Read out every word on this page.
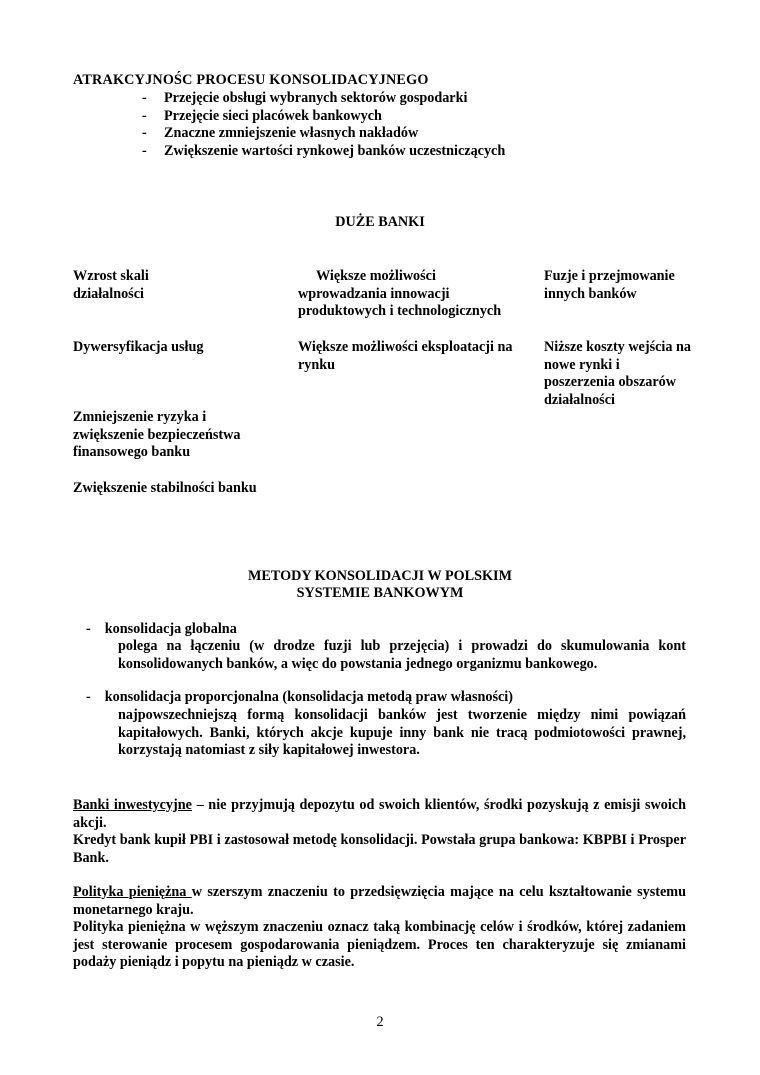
ATRAKCYJNOŚC PROCESU KONSOLIDACYJNEGO
- Przejęcie obsługi wybranych sektorów gospodarki
- Przejęcie sieci placówek bankowych
- Znaczne zmniejszenie własnych nakładów
- Zwiększenie wartości rynkowej banków uczestniczących
DUŻE BANKI
Wzrost skali działalności
Większe możliwości wprowadzania innowacji produktowych i technologicznych
Fuzje i przejmowanie innych banków
Dywersyfikacja usług	Większe możliwości eksploatacji na rynku
Niższe koszty wejścia na nowe rynki i poszerzenia obszarów działalności
Zmniejszenie ryzyka i zwiększenie bezpieczeństwa finansowego banku
Zwiększenie stabilności banku
METODY KONSOLIDACJI W POLSKIM
SYSTEMIE BANKOWYM
- konsolidacja globalna
polega na łączeniu (w drodze fuzji lub przejęcia) i prowadzi do skumulowania kont konsolidowanych banków, a więc do powstania jednego organizmu bankowego.
- konsolidacja proporcjonalna (konsolidacja metodą praw własności)
najpowszechniejszą formą konsolidacji banków jest tworzenie między nimi powiązań kapitałowych. Banki, których akcje kupuje inny bank nie tracą podmiotowości prawnej, korzystają natomiast z siły kapitałowej inwestora.
Banki inwestycyjne – nie przyjmują depozytu od swoich klientów, środki pozyskują z emisji swoich akcji.
Kredyt bank kupił PBI i zastosował metodę konsolidacji. Powstała grupa bankowa: KBPBI i Prosper Bank.
Polityka pieniężna w szerszym znaczeniu to przedsięwzięcia mające na celu kształtowanie systemu monetarnego kraju.
Polityka pieniężna w węższym znaczeniu oznacz taką kombinację celów i środków, której zadaniem jest sterowanie procesem gospodarowania pieniądzem. Proces ten charakteryzuje się zmianami podaży pieniądz i popytu na pieniądz w czasie.
2
